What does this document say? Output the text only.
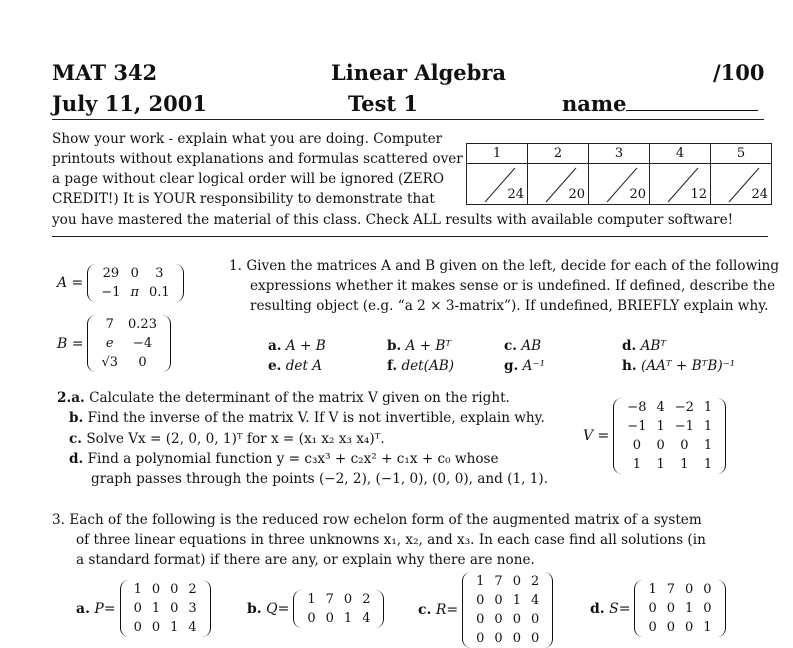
MAT 342	Linear Algebra	/100
July 11, 2001	Test 1	name
Show your work - explain what you are doing. Computer
printouts without explanations and formulas scattered over
a page without clear logical order will be ignored (ZERO
CREDIT!) It is YOUR responsibility to demonstrate that
you have mastered the material of this class. Check ALL results with available computer software!
1	2	3	4	5

24	20	20	12	24
A =
29	0	3
−1	π	0.1
B =
7	0.23
e	−4
√3	0
1. Given the matrices A and B given on the left, decide for each of the following
expressions whether it makes sense or is undefined. If defined, describe the
resulting object (e.g. “a 2 × 3-matrix”). If undefined, BRIEFLY explain why.
a. A + B	b. A + Bᵀ	c. AB	d. ABᵀ
e. det A	f. det(AB)	g. A⁻¹	h. (AAᵀ + BᵀB)⁻¹
2.a. Calculate the determinant of the matrix V given on the right.
b. Find the inverse of the matrix V. If V is not invertible, explain why.
c. Solve Vx = (2, 0, 0, 1)ᵀ for x = (x₁ x₂ x₃ x₄)ᵀ.
d. Find a polynomial function y = c₃x³ + c₂x² + c₁x + c₀ whose
graph passes through the points (−2, 2), (−1, 0), (0, 0), and (1, 1).
V =
−8	4	−2	1
−1	1	−1	1
0	0	0	1
1	1	1	1
3. Each of the following is the reduced row echelon form of the augmented matrix of a system
of three linear equations in three unknowns x₁, x₂, and x₃. In each case find all solutions (in
a standard format) if there are any, or explain why there are none.
a. P=
1	0	0	2
0	1	0	3
0	0	1	4
b. Q=
1	7	0	2
0	0	1	4
c. R=
1	7	0	2
0	0	1	4
0	0	0	0
0	0	0	0
d. S=
1	7	0	0
0	0	1	0
0	0	0	1
